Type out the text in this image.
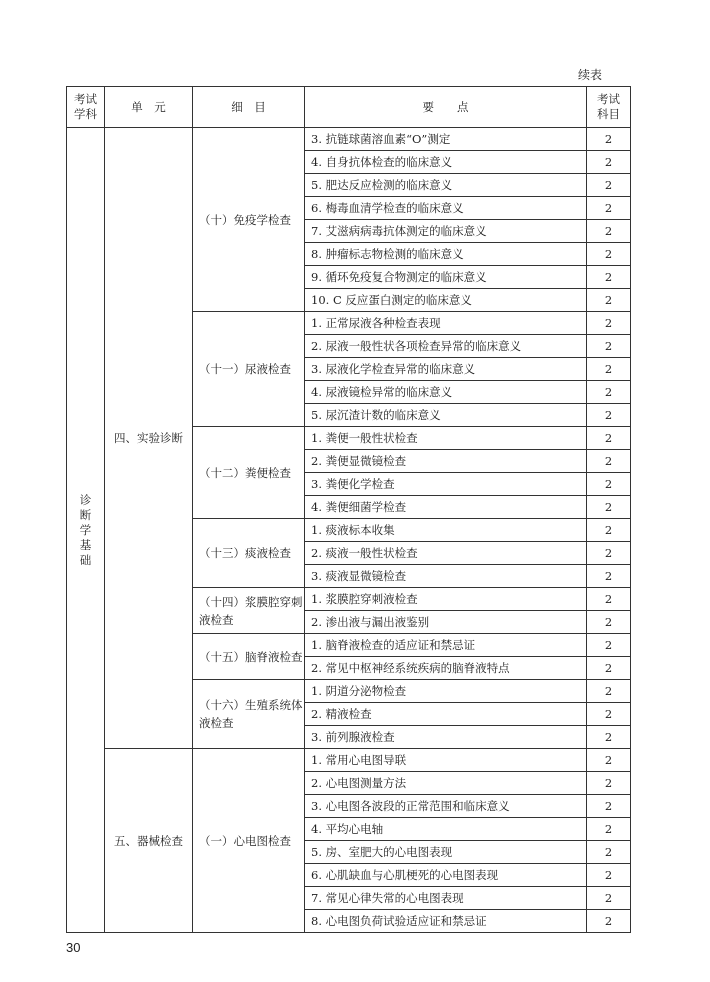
续表
考试学科	单　元	细　目	要　　点	考试科目
诊断学基础	四、实验诊断	（十）免疫学检查	3. 抗链球菌溶血素“O”测定	2
			4. 自身抗体检查的临床意义	2
			5. 肥达反应检测的临床意义	2
			6. 梅毒血清学检查的临床意义	2
			7. 艾滋病病毒抗体测定的临床意义	2
			8. 肿瘤标志物检测的临床意义	2
			9. 循环免疫复合物测定的临床意义	2
			10. C 反应蛋白测定的临床意义	2
		（十一）尿液检查	1. 正常尿液各种检查表现	2
			2. 尿液一般性状各项检查异常的临床意义	2
			3. 尿液化学检查异常的临床意义	2
			4. 尿液镜检异常的临床意义	2
			5. 尿沉渣计数的临床意义	2
		（十二）粪便检查	1. 粪便一般性状检查	2
			2. 粪便显微镜检查	2
			3. 粪便化学检查	2
			4. 粪便细菌学检查	2
		（十三）痰液检查	1. 痰液标本收集	2
			2. 痰液一般性状检查	2
			3. 痰液显微镜检查	2
		（十四）浆膜腔穿刺液检查	1. 浆膜腔穿刺液检查	2
			2. 渗出液与漏出液鉴别	2
		（十五）脑脊液检查	1. 脑脊液检查的适应证和禁忌证	2
			2. 常见中枢神经系统疾病的脑脊液特点	2
		（十六）生殖系统体液检查	1. 阴道分泌物检查	2
			2. 精液检查	2
			3. 前列腺液检查	2
	五、器械检查	（一）心电图检查	1. 常用心电图导联	2
			2. 心电图测量方法	2
			3. 心电图各波段的正常范围和临床意义	2
			4. 平均心电轴	2
			5. 房、室肥大的心电图表现	2
			6. 心肌缺血与心肌梗死的心电图表现	2
			7. 常见心律失常的心电图表现	2
			8. 心电图负荷试验适应证和禁忌证	2
30
